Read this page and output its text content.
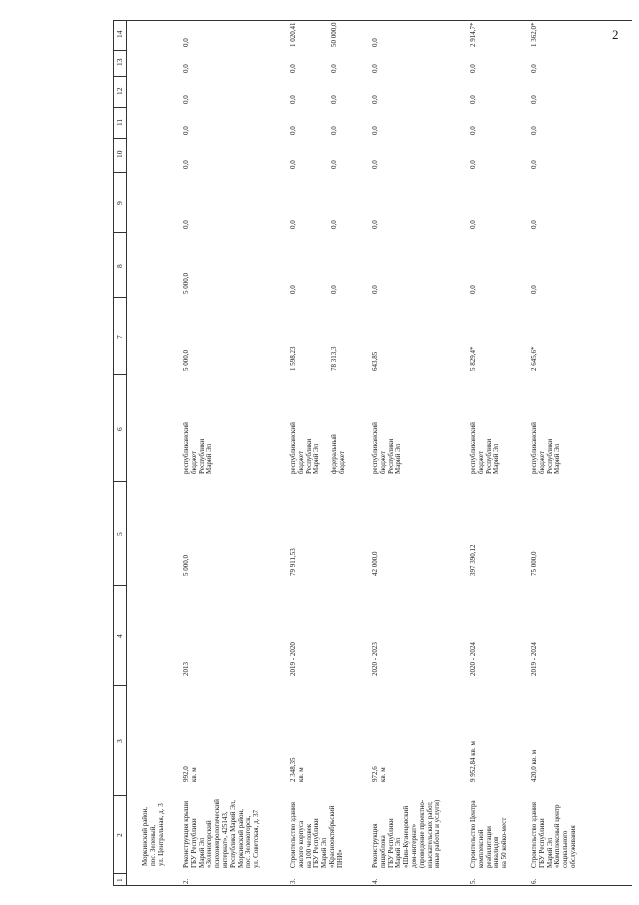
2
1
2
3
4
5
6
7
8
9
10
11
12
13
14
Моркинский район,
пос. Зеленый,
ул. Центральная, д. 3
2.
Реконструкция крыши
ГБУ Республики
Марий Эл
«Зеленогорский
психоневрологический
интернат», 425143,
Республика Марий Эл,
Моркинский район,
пос. Зеленогорск,
ул. Советская, д. 37
992,0
кв. м
2013
5 000,0
республиканский
бюджет
Республики
Марий Эл
5 000,0
5 000,0
0,0
0,0
0,0
0,0
0,0
0,0
3.
Строительство здания
жилого корпуса
на 100 человек
ГБУ Республики
Марий Эл
«Краснооктябрьский
ПНИ»
2 348,35
кв. м
2019 - 2020
79 911,53
республиканский
бюджет
Республики
Марий Эл
1 598,23
0,0
0,0
0,0
0,0
0,0
0,0
1 020,41
федеральный
бюджет
78 313,3
0,0
0,0
0,0
0,0
0,0
0,0
50 000,0
4.
Реконструкция
пищеблока
ГБУ Республики
Марий Эл
«Шин-Кузнецовский
дом-интернат»
(проведение проектно-
изыскательских работ,
иные работы и услуги)
972,6
кв. м
2020 - 2023
42 000,0
республиканский
бюджет
Республики
Марий Эл
643,85
0,0
0,0
0,0
0,0
0,0
0,0
0,0
5.
Строительство Центра
комплексной
реабилитации
инвалидов
на 50 койко-мест
9 952,84 кв. м
2020 - 2024
397 390,12
республиканский
бюджет
Республики
Марий Эл
5 829,4*
0,0
0,0
0,0
0,0
0,0
0,0
2 914,7*
6.
Строительство здания
ГБУ Республики
Марий Эл
«Комплексный центр
социального
обслуживания
420,0 кв. м
2019 - 2024
75 000,0
республиканский
бюджет
Республики
Марий Эл
2 645,6*
0,0
0,0
0,0
0,0
0,0
0,0
1 362,0*
